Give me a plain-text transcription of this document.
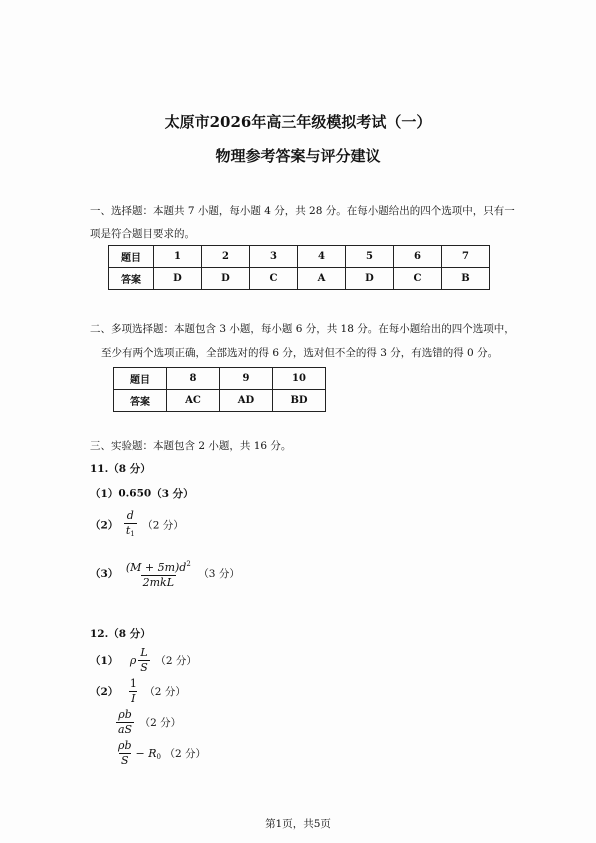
太原市2026年高三年级模拟考试（一）
物理参考答案与评分建议
一、选择题：本题共 7 小题，每小题 4 分，共 28 分。在每小题给出的四个选项中，只有一
项是符合题目要求的。
题目	1	2	3	4	5	6	7
答案	D	D	C	A	D	C	B
二、多项选择题：本题包含 3 小题，每小题 6 分，共 18 分。在每小题给出的四个选项中，
至少有两个选项正确，全部选对的得 6 分，选对但不全的得 3 分，有选错的得 0 分。
题目	8	9	10
答案	AC	AD	BD
三、实验题：本题包含 2 小题，共 16 分。
11.（8 分）
（1）0.650（3 分）
$(2) \frac{d}{t_1} (2$ 分）
$(3) \frac{(M + 5m)d^2}{\text{2mkL}} (3$ 分）
12.（8 分）
（1） ρ $\frac{L}{S} (2$ 分）
$(2) \frac{1}{I} (2$ 分）
$\frac{\rho b}{aS} (2$ 分）
$\frac{\rho b}{S} - R_0$ （2 分）
第1页，共5页
